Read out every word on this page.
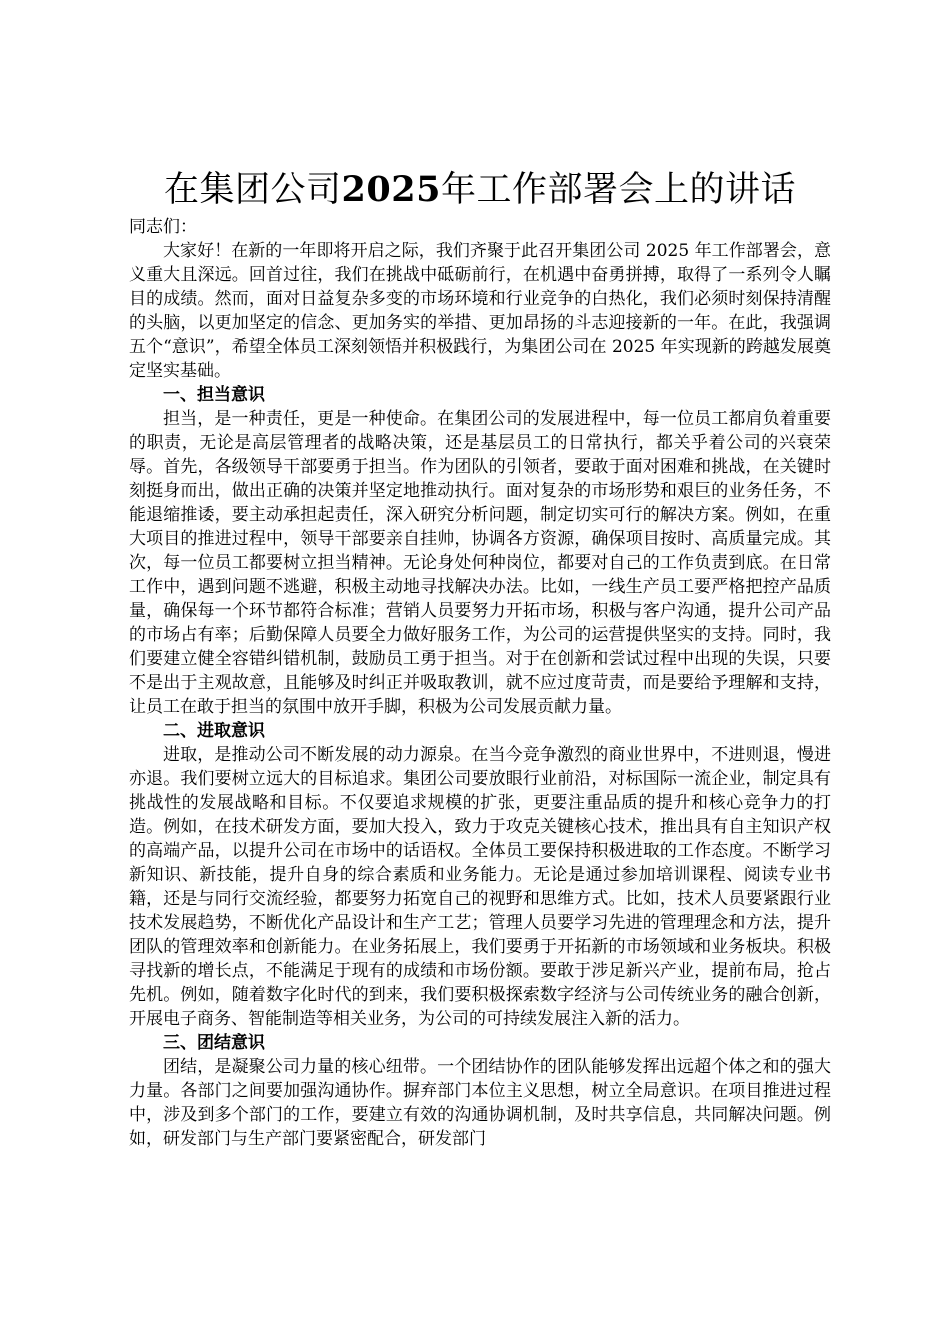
在集团公司2025年工作部署会上的讲话

同志们：

大家好！在新的一年即将开启之际，我们齐聚于此召开集团公司 2025 年工作部署会，意义重大且深远。回首过往，我们在挑战中砥砺前行，在机遇中奋勇拼搏，取得了一系列令人瞩目的成绩。然而，面对日益复杂多变的市场环境和行业竞争的白热化，我们必须时刻保持清醒的头脑，以更加坚定的信念、更加务实的举措、更加昂扬的斗志迎接新的一年。在此，我强调五个“意识”，希望全体员工深刻领悟并积极践行，为集团公司在 2025 年实现新的跨越发展奠定坚实基础。

一、担当意识

担当，是一种责任，更是一种使命。在集团公司的发展进程中，每一位员工都肩负着重要的职责，无论是高层管理者的战略决策，还是基层员工的日常执行，都关乎着公司的兴衰荣辱。首先，各级领导干部要勇于担当。作为团队的引领者，要敢于面对困难和挑战，在关键时刻挺身而出，做出正确的决策并坚定地推动执行。面对复杂的市场形势和艰巨的业务任务，不能退缩推诿，要主动承担起责任，深入研究分析问题，制定切实可行的解决方案。例如，在重大项目的推进过程中，领导干部要亲自挂帅，协调各方资源，确保项目按时、高质量完成。其次，每一位员工都要树立担当精神。无论身处何种岗位，都要对自己的工作负责到底。在日常工作中，遇到问题不逃避，积极主动地寻找解决办法。比如，一线生产员工要严格把控产品质量，确保每一个环节都符合标准；营销人员要努力开拓市场，积极与客户沟通，提升公司产品的市场占有率；后勤保障人员要全力做好服务工作，为公司的运营提供坚实的支持。同时，我们要建立健全容错纠错机制，鼓励员工勇于担当。对于在创新和尝试过程中出现的失误，只要不是出于主观故意，且能够及时纠正并吸取教训，就不应过度苛责，而是要给予理解和支持，让员工在敢于担当的氛围中放开手脚，积极为公司发展贡献力量。

二、进取意识

进取，是推动公司不断发展的动力源泉。在当今竞争激烈的商业世界中，不进则退，慢进亦退。我们要树立远大的目标追求。集团公司要放眼行业前沿，对标国际一流企业，制定具有挑战性的发展战略和目标。不仅要追求规模的扩张，更要注重品质的提升和核心竞争力的打造。例如，在技术研发方面，要加大投入，致力于攻克关键核心技术，推出具有自主知识产权的高端产品，以提升公司在市场中的话语权。全体员工要保持积极进取的工作态度。不断学习新知识、新技能，提升自身的综合素质和业务能力。无论是通过参加培训课程、阅读专业书籍，还是与同行交流经验，都要努力拓宽自己的视野和思维方式。比如，技术人员要紧跟行业技术发展趋势，不断优化产品设计和生产工艺；管理人员要学习先进的管理理念和方法，提升团队的管理效率和创新能力。在业务拓展上，我们要勇于开拓新的市场领域和业务板块。积极寻找新的增长点，不能满足于现有的成绩和市场份额。要敢于涉足新兴产业，提前布局，抢占先机。例如，随着数字化时代的到来，我们要积极探索数字经济与公司传统业务的融合创新，开展电子商务、智能制造等相关业务，为公司的可持续发展注入新的活力。

三、团结意识

团结，是凝聚公司力量的核心纽带。一个团结协作的团队能够发挥出远超个体之和的强大力量。各部门之间要加强沟通协作。摒弃部门本位主义思想，树立全局意识。在项目推进过程中，涉及到多个部门的工作，要建立有效的沟通协调机制，及时共享信息，共同解决问题。例如，研发部门与生产部门要紧密配合，研发部门
